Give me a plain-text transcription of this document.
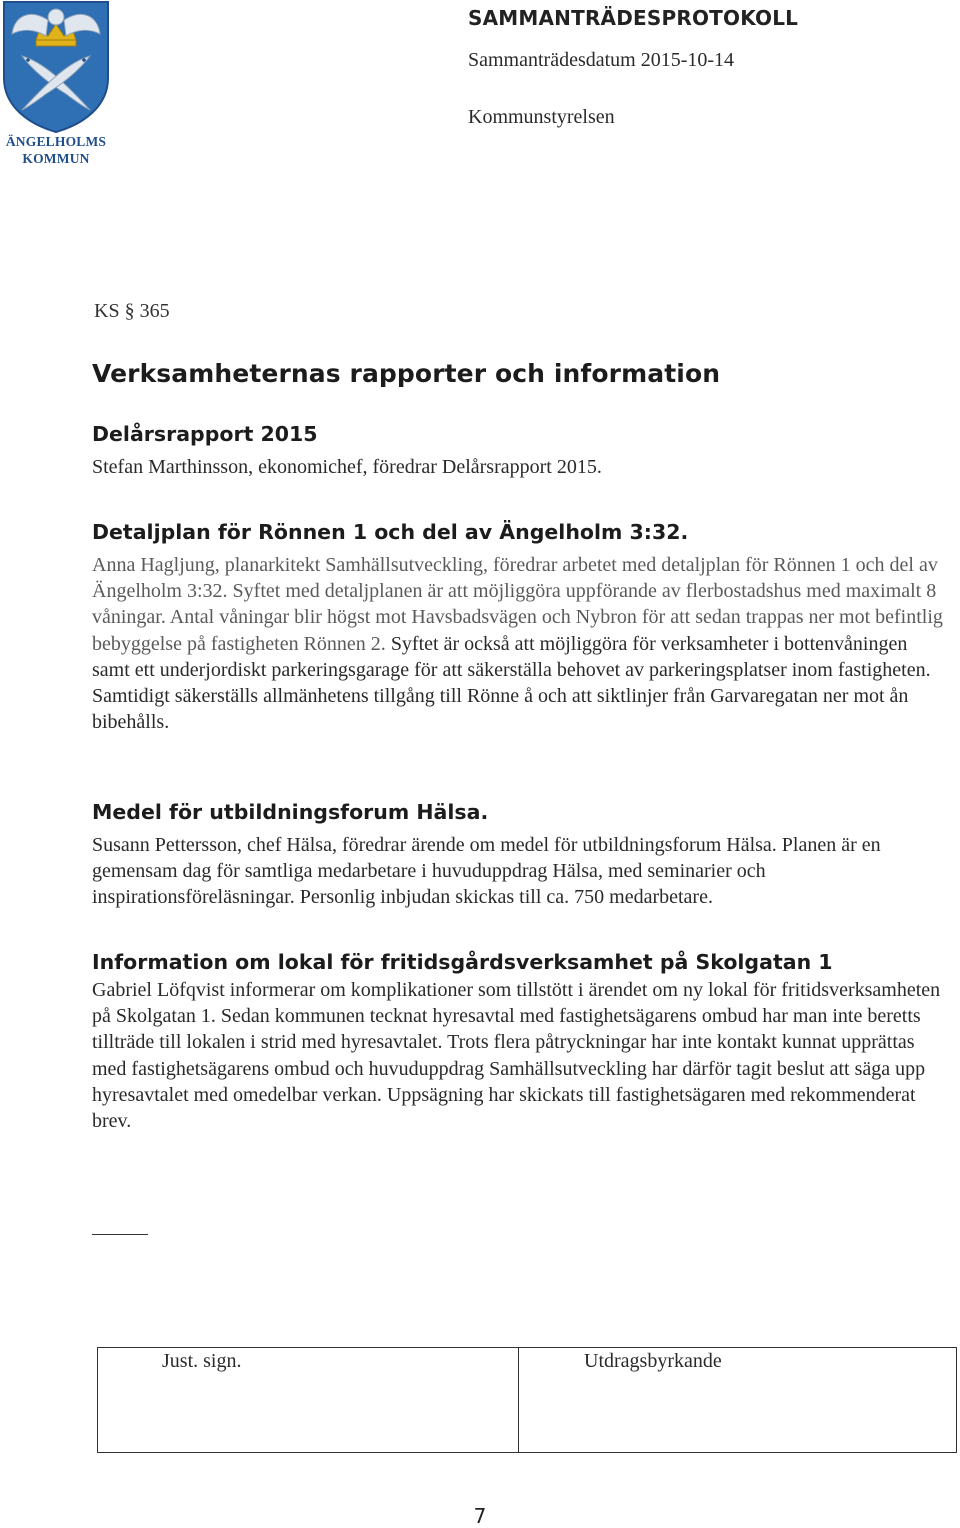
ÄNGELHOLMS
KOMMUN
SAMMANTRÄDESPROTOKOLL
Sammanträdesdatum 2015-10-14
Kommunstyrelsen
KS § 365
Verksamheternas rapporter och information
Delårsrapport 2015

Stefan Marthinsson, ekonomichef, föredrar Delårsrapport 2015.

Detaljplan för Rönnen 1 och del av Ängelholm 3:32.

Anna Hagljung, planarkitekt Samhällsutveckling, föredrar arbetet med detaljplan för Rönnen 1 och del av Ängelholm 3:32. Syftet med detaljplanen är att möjliggöra uppförande av flerbostadshus med maximalt 8 våningar. Antal våningar blir högst mot Havsbadsvägen och Nybron för att sedan trappas ner mot befintlig bebyggelse på fastigheten Rönnen 2. Syftet är också att möjliggöra för verksamheter i bottenvåningen samt ett underjordiskt parkeringsgarage för att säkerställa behovet av parkeringsplatser inom fastigheten. Samtidigt säkerställs allmänhetens tillgång till Rönne å och att siktlinjer från Garvaregatan ner mot ån bibehålls.

Medel för utbildningsforum Hälsa.

Susann Pettersson, chef Hälsa, föredrar ärende om medel för utbildningsforum Hälsa. Planen är en gemensam dag för samtliga medarbetare i huvuduppdrag Hälsa, med seminarier och inspirationsföreläsningar. Personlig inbjudan skickas till ca. 750 medarbetare.

Information om lokal för fritidsgårdsverksamhet på Skolgatan 1

Gabriel Löfqvist informerar om komplikationer som tillstött i ärendet om ny lokal för fritidsverksamheten på Skolgatan 1. Sedan kommunen tecknat hyresavtal med fastighetsägarens ombud har man inte beretts tillträde till lokalen i strid med hyresavtalet. Trots flera påtryckningar har inte kontakt kunnat upprättas med fastighetsägarens ombud och huvuduppdrag Samhällsutveckling har därför tagit beslut att säga upp hyresavtalet med omedelbar verkan. Uppsägning har skickats till fastighetsägaren med rekommenderat brev.

Just. sign.	Utdragsbyrkande
7
